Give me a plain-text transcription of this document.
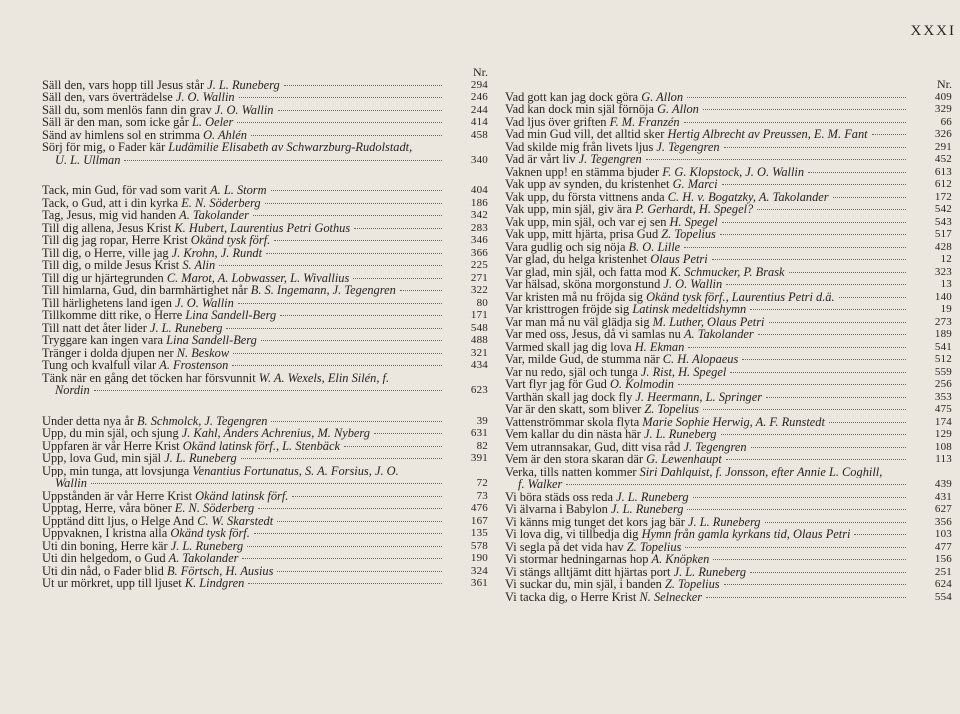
XXXI
Nr.
Säll den, vars hopp till Jesus står J. L. Runeberg	294
Säll den, vars överträdelse J. O. Wallin	246
Säll du, som menlös fann din grav J. O. Wallin	244
Säll är den man, som icke går L. Oeler	414
Sänd av himlens sol en strimma O. Ahlén	458
Sörj för mig, o Fader kär Ludämilie Elisabeth av Schwarzburg-Rudolstadt,
U. L. Ullman	340
Tack, min Gud, för vad som varit A. L. Storm	404
Tack, o Gud, att i din kyrka E. N. Söderberg	186
Tag, Jesus, mig vid handen A. Takolander	342
Till dig allena, Jesus Krist K. Hubert, Laurentius Petri Gothus	283
Till dig jag ropar, Herre Krist Okänd tysk förf.	346
Till dig, o Herre, ville jag J. Krohn, J. Rundt	366
Till dig, o milde Jesus Krist S. Alin	225
Till dig ur hjärtegrunden C. Marot, A. Lobwasser, L. Wivallius	271
Till himlarna, Gud, din barmhärtighet når B. S. Ingemann, J. Tegengren	322
Till härlighetens land igen J. O. Wallin	80
Tillkomme ditt rike, o Herre Lina Sandell-Berg	171
Till natt det åter lider J. L. Runeberg	548
Tryggare kan ingen vara Lina Sandell-Berg	488
Tränger i dolda djupen ner N. Beskow	321
Tung och kvalfull vilar A. Frostenson	434
Tänk när en gång det töcken har försvunnit W. A. Wexels, Elin Silén, f.
Nordin	623
Under detta nya år B. Schmolck, J. Tegengren	39
Upp, du min själ, och sjung J. Kahl, Anders Achrenius, M. Nyberg	631
Uppfaren är vår Herre Krist Okänd latinsk förf., L. Stenbäck	82
Upp, lova Gud, min själ J. L. Runeberg	391
Upp, min tunga, att lovsjunga Venantius Fortunatus, S. A. Forsius, J. O.
Wallin	72
Uppstånden är vår Herre Krist Okänd latinsk förf.	73
Upptag, Herre, våra böner E. N. Söderberg	476
Upptänd ditt ljus, o Helge And C. W. Skarstedt	167
Uppvaknen, I kristna alla Okänd tysk förf.	135
Uti din boning, Herre kär J. L. Runeberg	578
Uti din helgedom, o Gud A. Takolander	190
Uti din nåd, o Fader blid B. Förtsch, H. Ausius	324
Ut ur mörkret, upp till ljuset K. Lindgren	361
Nr.
Vad gott kan jag dock göra G. Allon	409
Vad kan dock min själ förnöja G. Allon	329
Vad ljus över griften F. M. Franzén	66
Vad min Gud vill, det alltid sker Hertig Albrecht av Preussen, E. M. Fant	326
Vad skilde mig från livets ljus J. Tegengren	291
Vad är vårt liv J. Tegengren	452
Vaknen upp! en stämma bjuder F. G. Klopstock, J. O. Wallin	613
Vak upp av synden, du kristenhet G. Marci	612
Vak upp, du första vittnens anda C. H. v. Bogatzky, A. Takolander	172
Vak upp, min själ, giv ära P. Gerhardt, H. Spegel?	542
Vak upp, min själ, och var ej sen H. Spegel	543
Vak upp, mitt hjärta, prisa Gud Z. Topelius	517
Vara gudlig och sig nöja B. O. Lille	428
Var glad, du helga kristenhet Olaus Petri	12
Var glad, min själ, och fatta mod K. Schmucker, P. Brask	323
Var hälsad, sköna morgonstund J. O. Wallin	13
Var kristen må nu fröjda sig Okänd tysk förf., Laurentius Petri d.ä.	140
Var kristtrogen fröjde sig Latinsk medeltidshymn	19
Var man må nu väl glädja sig M. Luther, Olaus Petri	273
Var med oss, Jesus, då vi samlas nu A. Takolander	189
Varmed skall jag dig lova H. Ekman	541
Var, milde Gud, de stumma när C. H. Alopaeus	512
Var nu redo, själ och tunga J. Rist, H. Spegel	559
Vart flyr jag för Gud O. Kolmodin	256
Varthän skall jag dock fly J. Heermann, L. Springer	353
Var är den skatt, som bliver Z. Topelius	475
Vattenströmmar skola flyta Marie Sophie Herwig, A. F. Runstedt	174
Vem kallar du din nästa här J. L. Runeberg	129
Vem utrannsakar, Gud, ditt visa råd J. Tegengren	108
Vem är den stora skaran där G. Lewenhaupt	113
Verka, tills natten kommer Siri Dahlquist, f. Jonsson, efter Annie L. Coghill,
f. Walker	439
Vi böra städs oss reda J. L. Runeberg	431
Vi älvarna i Babylon J. L. Runeberg	627
Vi känns mig tunget det kors jag bär J. L. Runeberg	356
Vi lova dig, vi tillbedja dig Hymn från gamla kyrkans tid, Olaus Petri	103
Vi segla på det vida hav Z. Topelius	477
Vi stormar hedningarnas hop A. Knöpken	156
Vi stängs alltjämt ditt hjärtas port J. L. Runeberg	251
Vi suckar du, min själ, i banden Z. Topelius	624
Vi tacka dig, o Herre Krist N. Selnecker	554
